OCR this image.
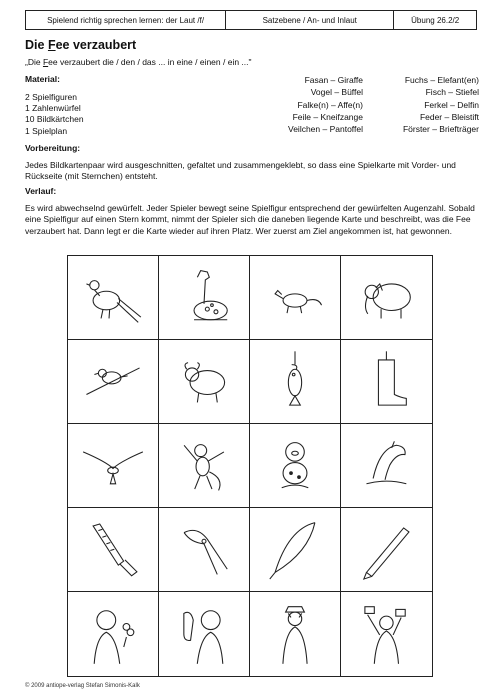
Spielend richtig sprechen lernen: der Laut /f/	Satzebene / An- und Inlaut	Übung 26.2/2
Die Fee verzaubert
„Die Fee verzaubert die / den / das ... in eine / einen / ein ..."
Material:
2 Spielfiguren
1 Zahlenwürfel
10 Bildkärtchen
1 Spielplan
Fasan – Giraffe	Fuchs – Elefant(en)
Vogel – Büffel	Fisch – Stiefel
Falke(n) – Affe(n)	Ferkel – Delfin
Feile – Kneifzange	Feder – Bleistift
Veilchen – Pantoffel	Förster – Briefträger
Vorbereitung:
Jedes Bildkartenpaar wird ausgeschnitten, gefaltet und zusammengeklebt, so dass eine Spielkarte mit Vorder- und Rückseite (mit Sternchen) entsteht.
Verlauf:
Es wird abwechselnd gewürfelt. Jeder Spieler bewegt seine Spielfigur entsprechend der gewürfelten Augenzahl. Sobald eine Spielfigur auf einen Stern kommt, nimmt der Spieler sich die daneben liegende Karte und beschreibt, was die Fee verzaubert hat. Dann legt er die Karte wieder auf ihren Platz. Wer zuerst am Ziel angekommen ist, hat gewonnen.
© 2009 antiope-verlag Stefan Simonis-Kalk
